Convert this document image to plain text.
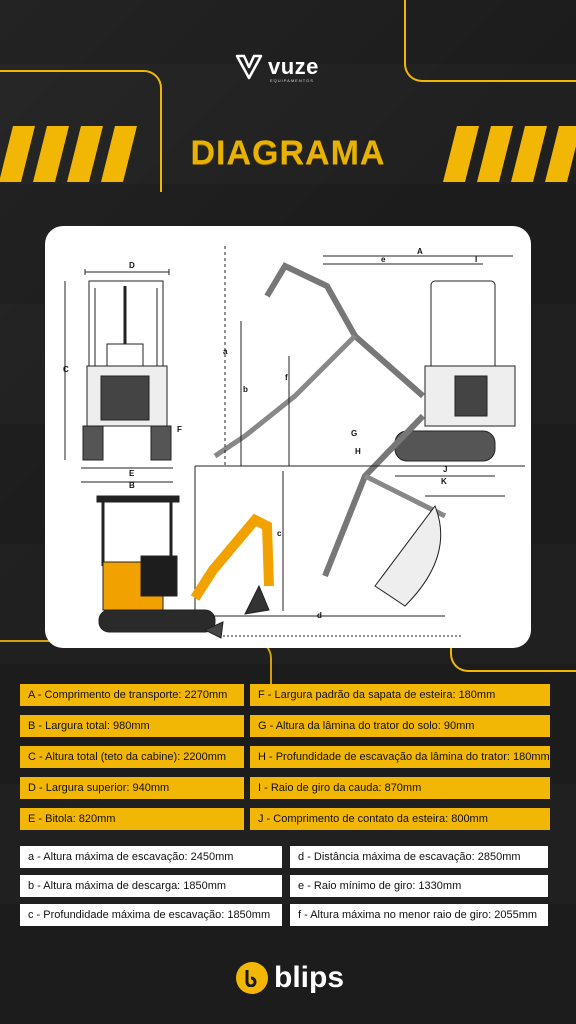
vuze
EQUIPAMENTOS
DIAGRAMA
A
e	I
D
C
F
a
b
f
E
B
H
G
J
K
c
d
blips
A - Comprimento de transporte: 2270mm
B - Largura total: 980mm
C - Altura total (teto da cabine): 2200mm
D - Largura superior: 940mm
E - Bitola: 820mm
F - Largura padrão da sapata de esteira: 180mm
G - Altura da lâmina do trator do solo: 90mm
H - Profundidade de escavação da lâmina do trator: 180mm
I - Raio de giro da cauda: 870mm
J - Comprimento de contato da esteira: 800mm
a - Altura máxima de escavação: 2450mm
b - Altura máxima de descarga: 1850mm
c - Profundidade máxima de escavação: 1850mm
d - Distância máxima de escavação: 2850mm
e - Raio mínimo de giro: 1330mm
f - Altura máxima no menor raio de giro: 2055mm
